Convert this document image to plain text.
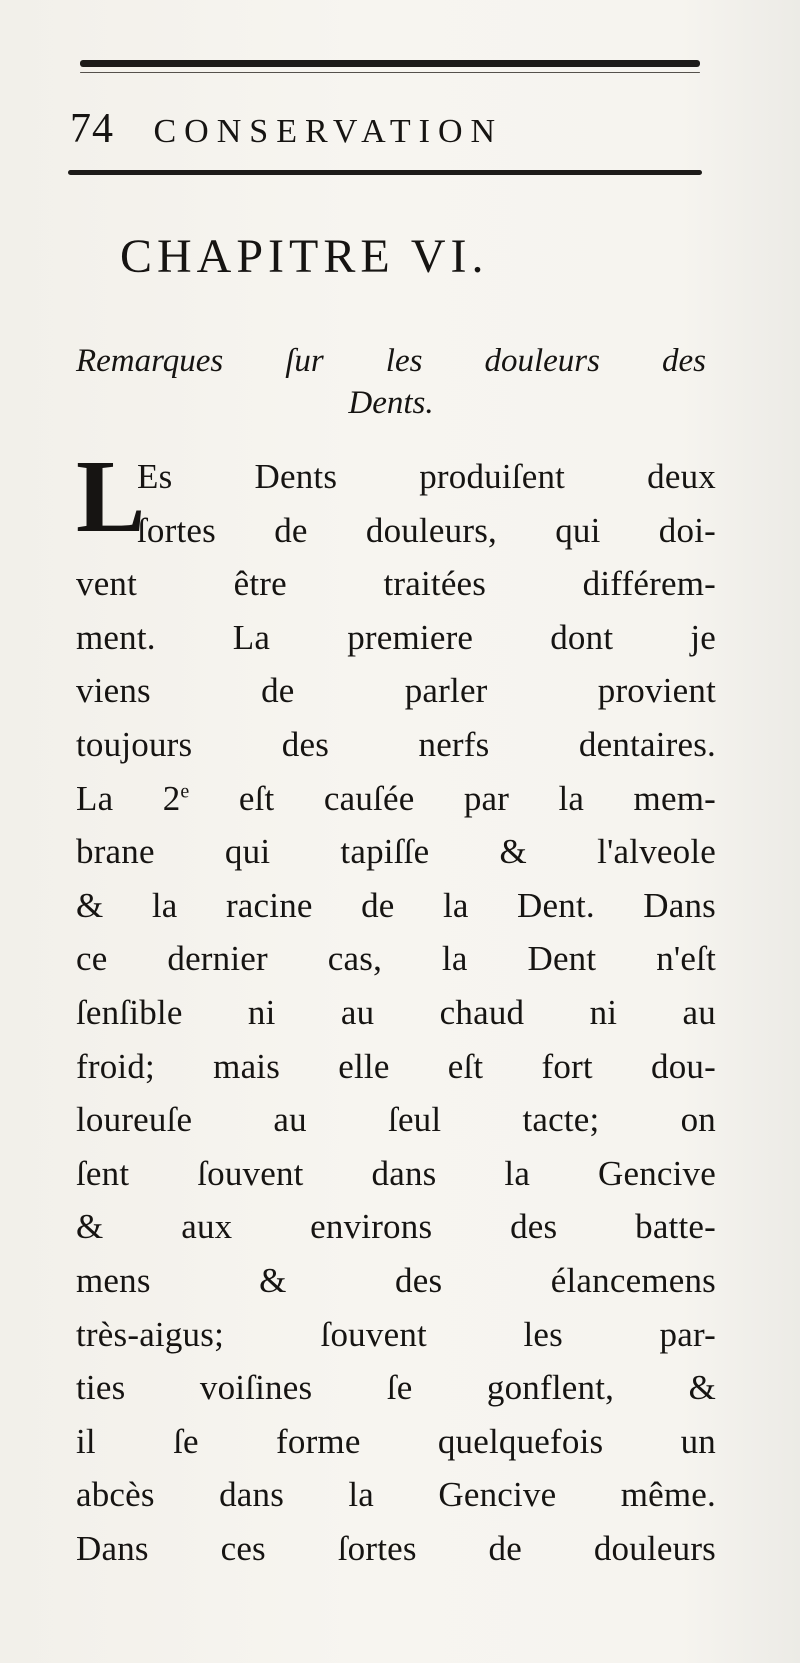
74 CONSERVATION
CHAPITRE VI.
Remarques ſur les douleurs des
Dents.
L
Es Dents produiſent deux
ſortes de douleurs, qui doi-
vent être traitées différem-
ment. La premiere dont je
viens de parler provient
toujours des nerfs dentaires.
La 2e eſt cauſée par la mem-
brane qui tapiſſe & l'alveole
& la racine de la Dent. Dans
ce dernier cas, la Dent n'eſt
ſenſible ni au chaud ni au
froid; mais elle eſt fort dou-
loureuſe au ſeul tacte; on
ſent ſouvent dans la Gencive
& aux environs des batte-
mens & des élancemens
très-aigus; ſouvent les par-
ties voiſines ſe gonflent, &
il ſe forme quelquefois un
abcès dans la Gencive même.
Dans ces ſortes de douleurs
